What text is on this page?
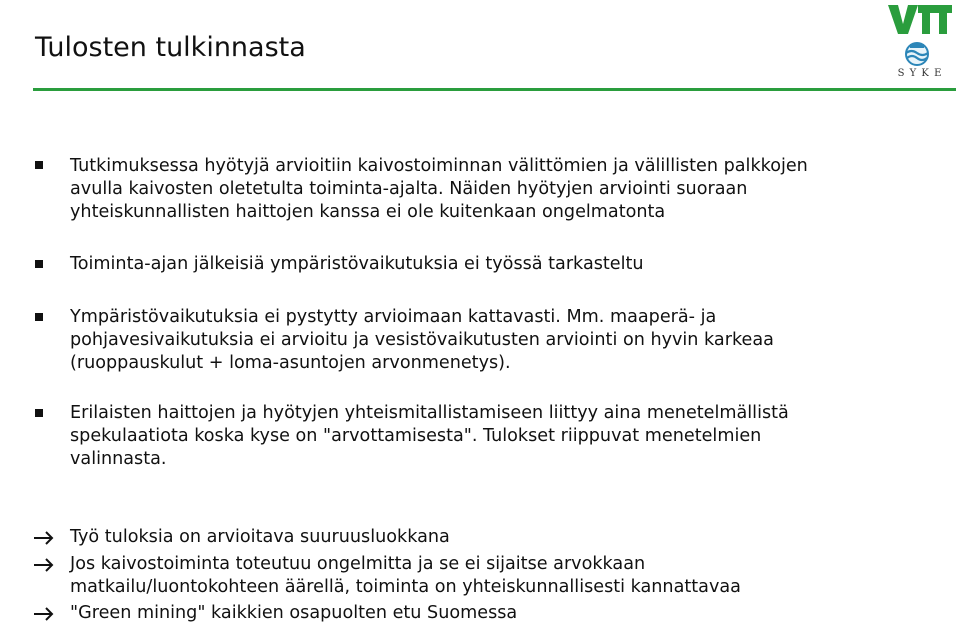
Tulosten tulkinnasta
S Y K E
Tutkimuksessa hyötyjä arvioitiin kaivostoiminnan välittömien ja välillisten palkkojen
avulla kaivosten oletetulta toiminta-ajalta. Näiden hyötyjen arviointi suoraan
yhteiskunnallisten haittojen kanssa ei ole kuitenkaan ongelmatonta
Toiminta-ajan jälkeisiä ympäristövaikutuksia ei työssä tarkasteltu
Ympäristövaikutuksia ei pystytty arvioimaan kattavasti. Mm. maaperä- ja
pohjavesivaikutuksia ei arvioitu ja vesistövaikutusten arviointi on hyvin karkeaa
(ruoppauskulut + loma-asuntojen arvonmenetys).
Erilaisten haittojen ja hyötyjen yhteismitallistamiseen liittyy aina menetelmällistä
spekulaatiota koska kyse on "arvottamisesta". Tulokset riippuvat menetelmien
valinnasta.
Työ tuloksia on arvioitava suuruusluokkana
Jos kaivostoiminta toteutuu ongelmitta ja se ei sijaitse arvokkaan
matkailu/luontokohteen äärellä, toiminta on yhteiskunnallisesti kannattavaa
"Green mining" kaikkien osapuolten etu Suomessa
